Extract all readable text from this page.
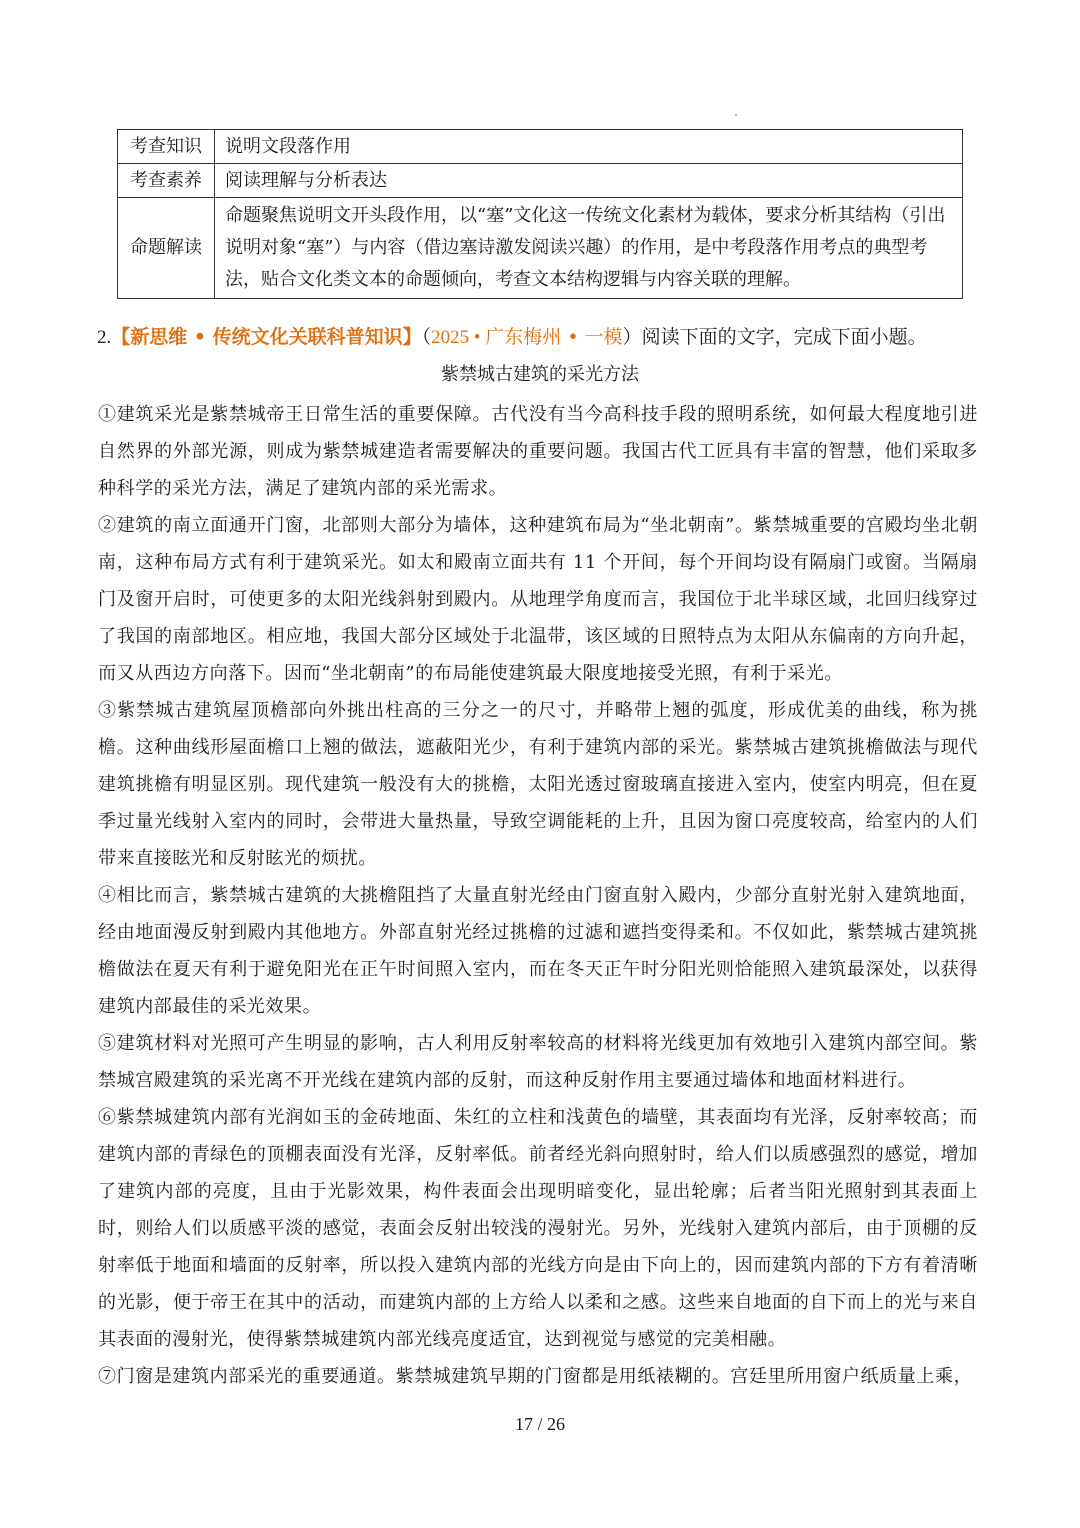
考查知识	说明文段落作用
考查素养	阅读理解与分析表达
命题解读	命题聚焦说明文开头段作用，以“塞”文化这一传统文化素材为载体，要求分析其结构（引出说明对象“塞”）与内容（借边塞诗激发阅读兴趣）的作用，是中考段落作用考点的典型考法，贴合文化类文本的命题倾向，考查文本结构逻辑与内容关联的理解。
2.【新思维 • 传统文化关联科普知识】（2025 • 广东梅州 • 一模）阅读下面的文字，完成下面小题。
紫禁城古建筑的采光方法

①建筑采光是紫禁城帝王日常生活的重要保障。古代没有当今高科技手段的照明系统，如何最大程度地引进自然界的外部光源，则成为紫禁城建造者需要解决的重要问题。我国古代工匠具有丰富的智慧，他们采取多种科学的采光方法，满足了建筑内部的采光需求。

②建筑的南立面通开门窗，北部则大部分为墙体，这种建筑布局为“坐北朝南”。紫禁城重要的宫殿均坐北朝南，这种布局方式有利于建筑采光。如太和殿南立面共有 11 个开间，每个开间均设有隔扇门或窗。当隔扇门及窗开启时，可使更多的太阳光线斜射到殿内。从地理学角度而言，我国位于北半球区域，北回归线穿过了我国的南部地区。相应地，我国大部分区域处于北温带，该区域的日照特点为太阳从东偏南的方向升起，而又从西边方向落下。因而“坐北朝南”的布局能使建筑最大限度地接受光照，有利于采光。

③紫禁城古建筑屋顶檐部向外挑出柱高的三分之一的尺寸，并略带上翘的弧度，形成优美的曲线，称为挑檐。这种曲线形屋面檐口上翘的做法，遮蔽阳光少，有利于建筑内部的采光。紫禁城古建筑挑檐做法与现代建筑挑檐有明显区别。现代建筑一般没有大的挑檐，太阳光透过窗玻璃直接进入室内，使室内明亮，但在夏季过量光线射入室内的同时，会带进大量热量，导致空调能耗的上升，且因为窗口亮度较高，给室内的人们带来直接眩光和反射眩光的烦扰。

④相比而言，紫禁城古建筑的大挑檐阻挡了大量直射光经由门窗直射入殿内，少部分直射光射入建筑地面，经由地面漫反射到殿内其他地方。外部直射光经过挑檐的过滤和遮挡变得柔和。不仅如此，紫禁城古建筑挑檐做法在夏天有利于避免阳光在正午时间照入室内，而在冬天正午时分阳光则恰能照入建筑最深处，以获得建筑内部最佳的采光效果。

⑤建筑材料对光照可产生明显的影响，古人利用反射率较高的材料将光线更加有效地引入建筑内部空间。紫禁城宫殿建筑的采光离不开光线在建筑内部的反射，而这种反射作用主要通过墙体和地面材料进行。

⑥紫禁城建筑内部有光润如玉的金砖地面、朱红的立柱和浅黄色的墙壁，其表面均有光泽，反射率较高；而建筑内部的青绿色的顶棚表面没有光泽，反射率低。前者经光斜向照射时，给人们以质感强烈的感觉，增加了建筑内部的亮度，且由于光影效果，构件表面会出现明暗变化，显出轮廓；后者当阳光照射到其表面上时，则给人们以质感平淡的感觉，表面会反射出较浅的漫射光。另外，光线射入建筑内部后，由于顶棚的反射率低于地面和墙面的反射率，所以投入建筑内部的光线方向是由下向上的，因而建筑内部的下方有着清晰的光影，便于帝王在其中的活动，而建筑内部的上方给人以柔和之感。这些来自地面的自下而上的光与来自其表面的漫射光，使得紫禁城建筑内部光线亮度适宜，达到视觉与感觉的完美相融。

⑦门窗是建筑内部采光的重要通道。紫禁城建筑早期的门窗都是用纸裱糊的。宫廷里所用窗户纸质量上乘，

17 / 26
